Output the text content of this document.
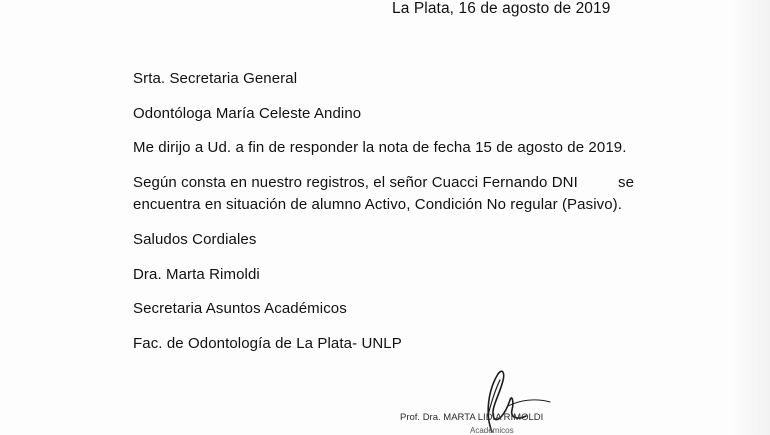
La Plata, 16 de agosto de 2019
Srta. Secretaria General
Odontóloga María Celeste Andino
Me dirijo a Ud. a fin de responder la nota de fecha 15 de agosto de 2019.
Según consta en nuestro registros, el señor Cuacci Fernando DNI	se
encuentra en situación de alumno Activo, Condición No regular (Pasivo).
Saludos Cordiales
Dra. Marta Rimoldi
Secretaria Asuntos Académicos
Fac. de Odontología de La Plata- UNLP
Prof. Dra. MARTA LIDIA RIMOLDI
Académicos
